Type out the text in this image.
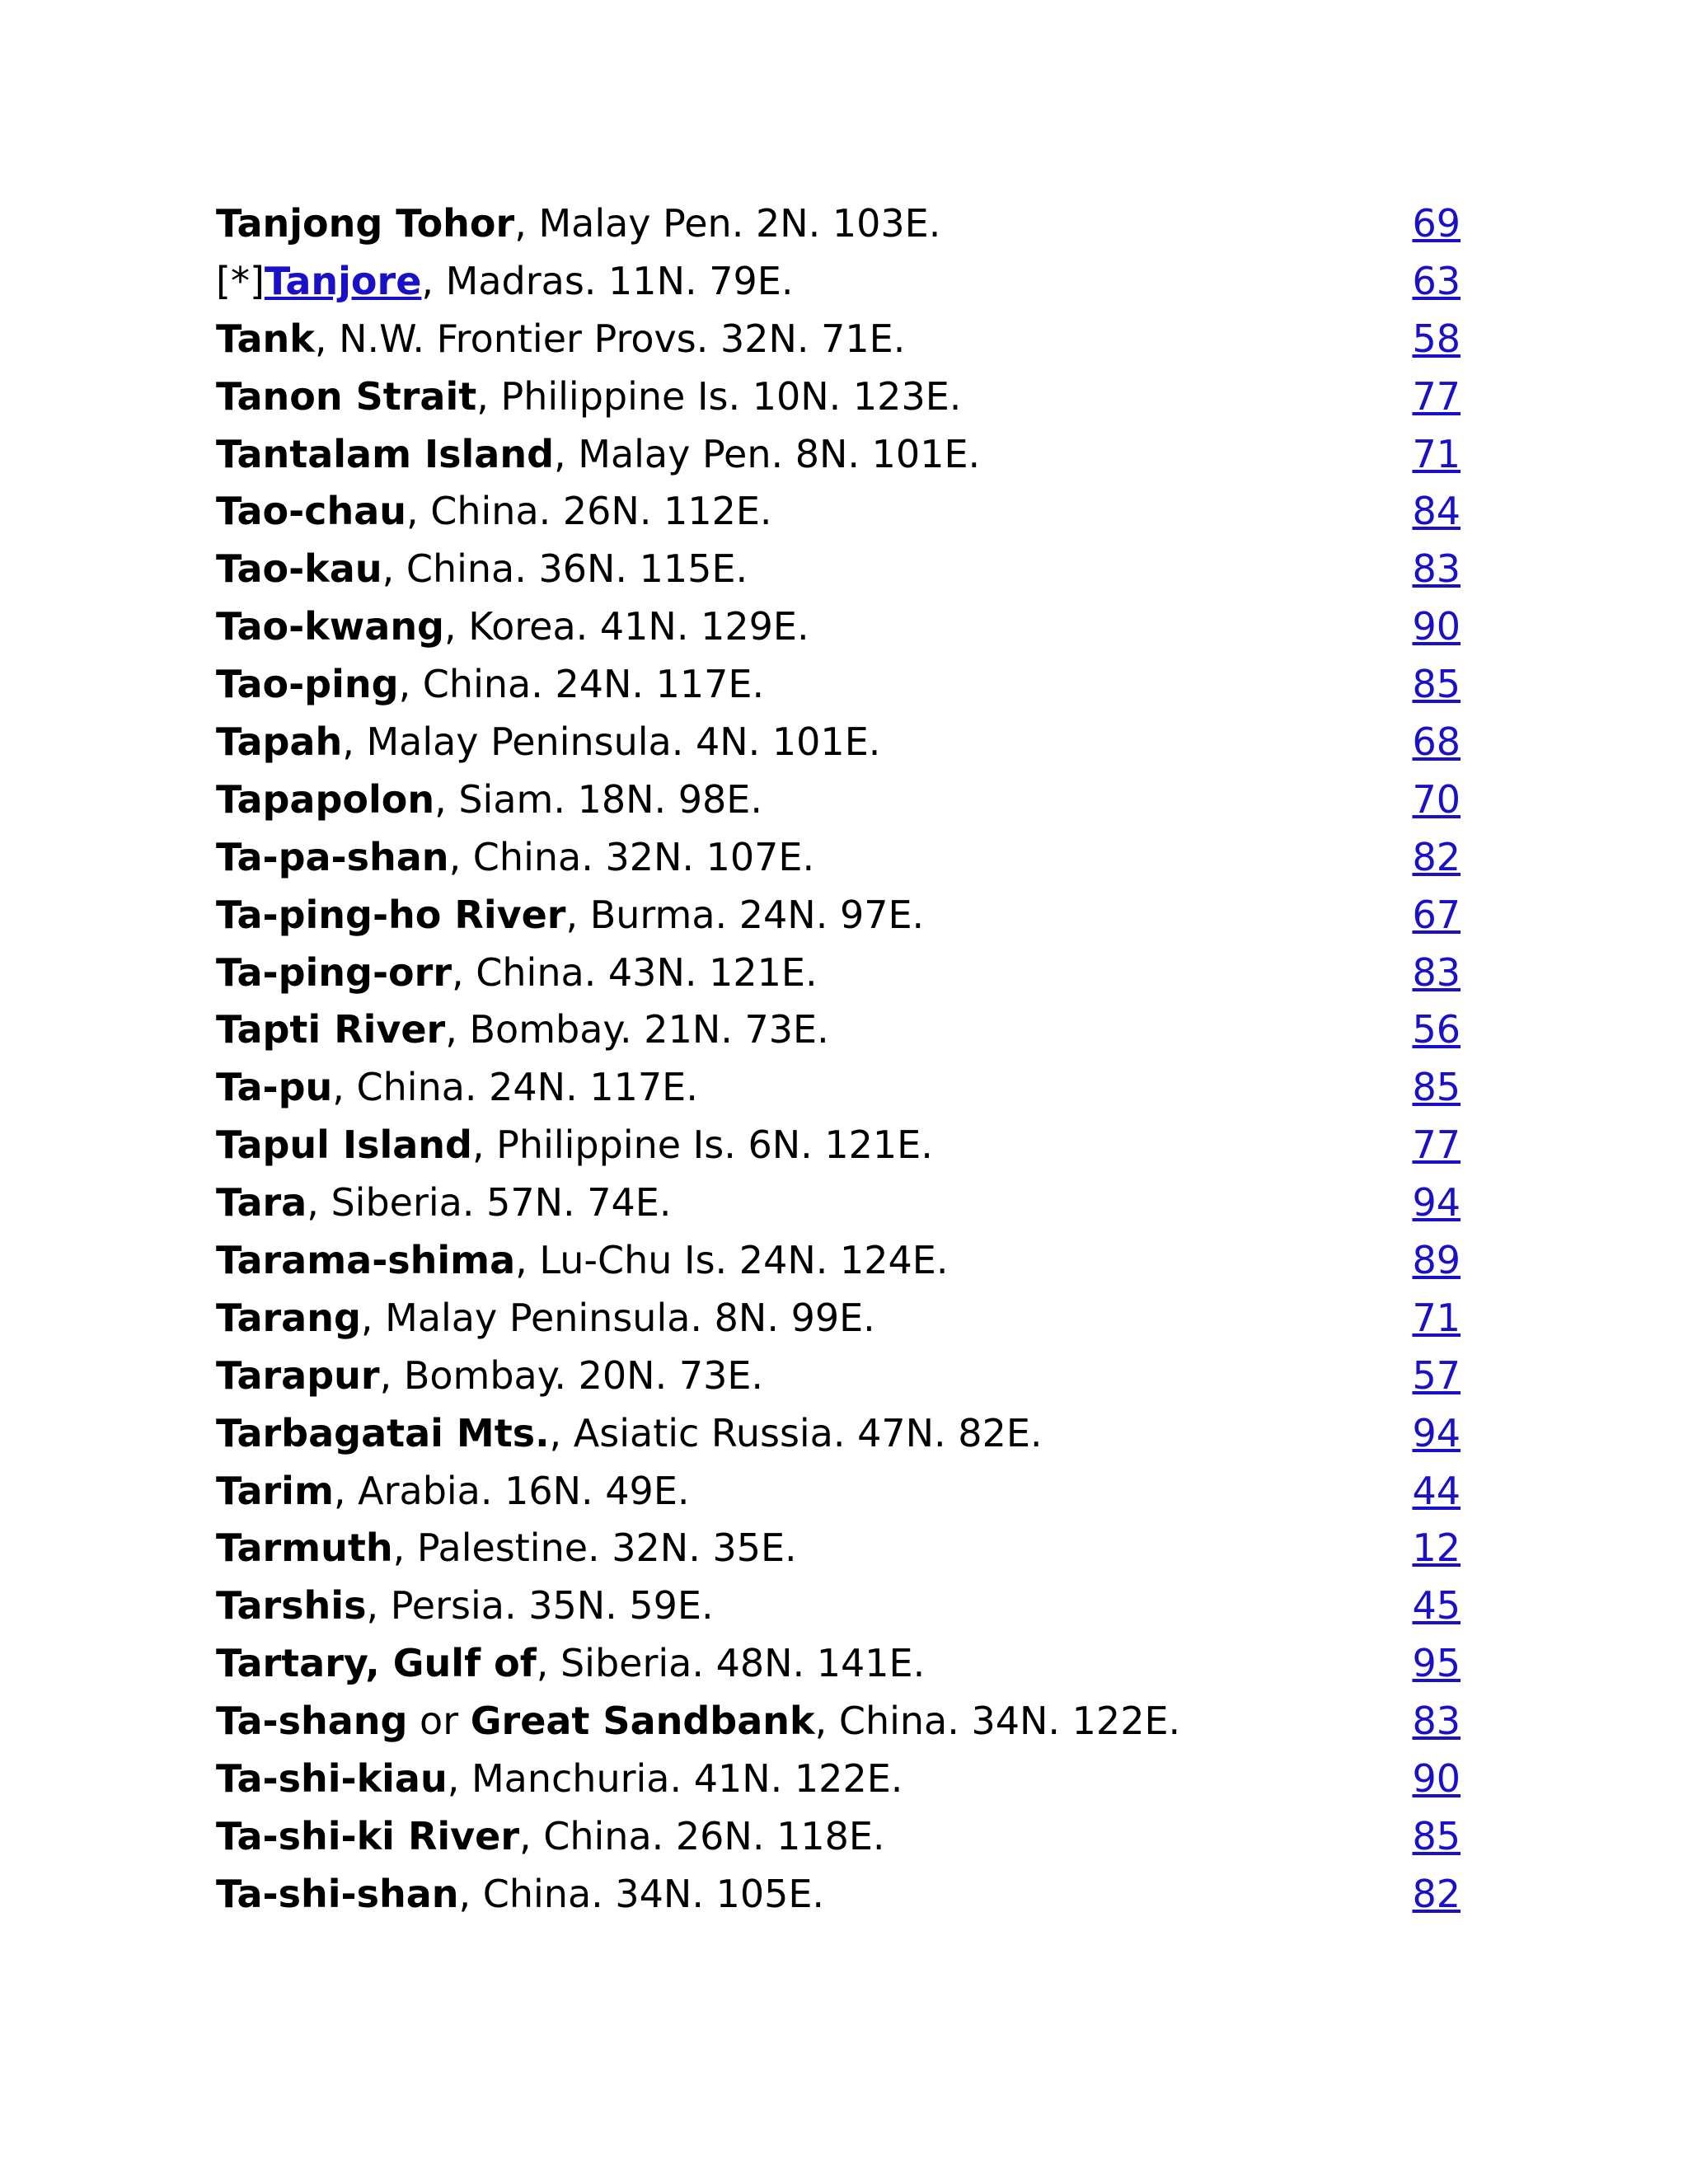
Tanjong Tohor, Malay Pen. 2N. 103E.	69
[*]Tanjore, Madras. 11N. 79E.	63
Tank, N.W. Frontier Provs. 32N. 71E.	58
Tanon Strait, Philippine Is. 10N. 123E.	77
Tantalam Island, Malay Pen. 8N. 101E.	71
Tao-chau, China. 26N. 112E.	84
Tao-kau, China. 36N. 115E.	83
Tao-kwang, Korea. 41N. 129E.	90
Tao-ping, China. 24N. 117E.	85
Tapah, Malay Peninsula. 4N. 101E.	68
Tapapolon, Siam. 18N. 98E.	70
Ta-pa-shan, China. 32N. 107E.	82
Ta-ping-ho River, Burma. 24N. 97E.	67
Ta-ping-orr, China. 43N. 121E.	83
Tapti River, Bombay. 21N. 73E.	56
Ta-pu, China. 24N. 117E.	85
Tapul Island, Philippine Is. 6N. 121E.	77
Tara, Siberia. 57N. 74E.	94
Tarama-shima, Lu-Chu Is. 24N. 124E.	89
Tarang, Malay Peninsula. 8N. 99E.	71
Tarapur, Bombay. 20N. 73E.	57
Tarbagatai Mts., Asiatic Russia. 47N. 82E.	94
Tarim, Arabia. 16N. 49E.	44
Tarmuth, Palestine. 32N. 35E.	12
Tarshis, Persia. 35N. 59E.	45
Tartary, Gulf of, Siberia. 48N. 141E.	95
Ta-shang or Great Sandbank, China. 34N. 122E.	83
Ta-shi-kiau, Manchuria. 41N. 122E.	90
Ta-shi-ki River, China. 26N. 118E.	85
Ta-shi-shan, China. 34N. 105E.	82
